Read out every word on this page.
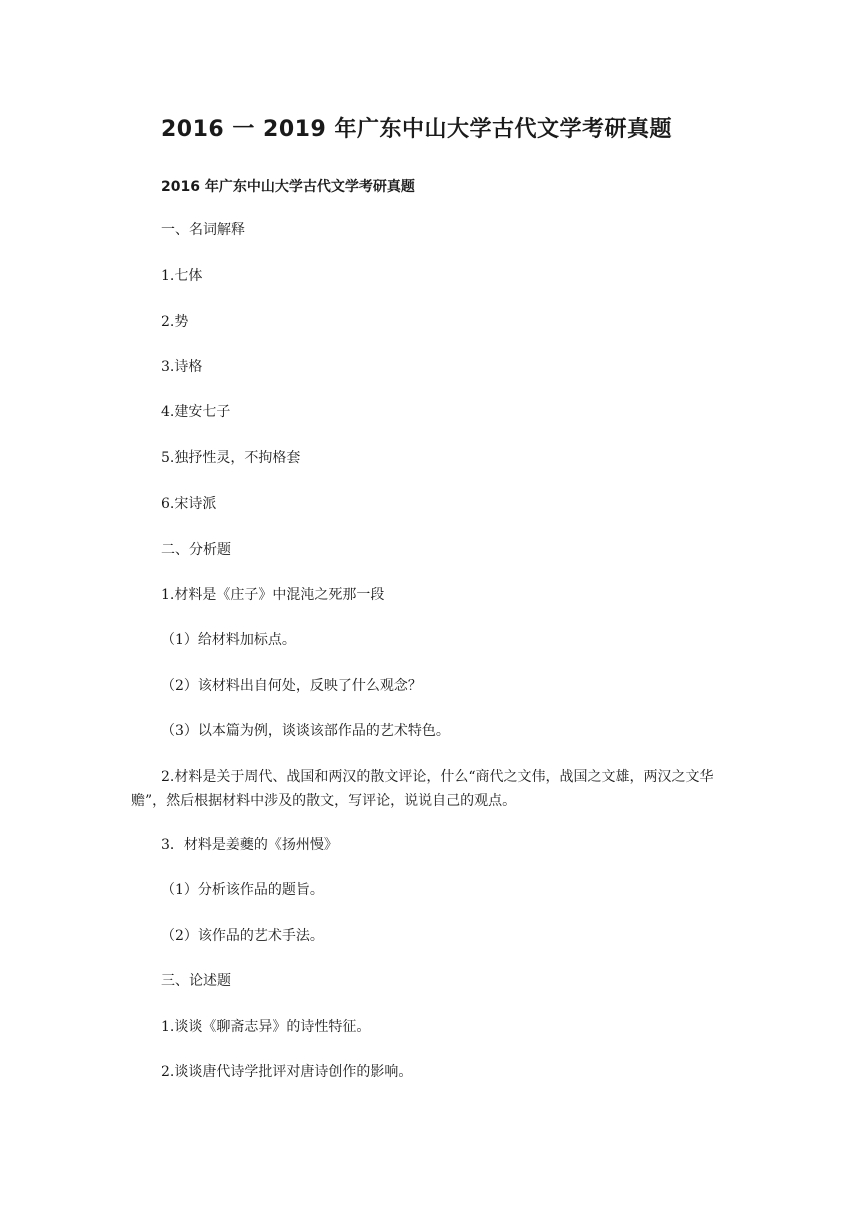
2016 一 2019 年广东中山大学古代文学考研真题
2016 年广东中山大学古代文学考研真题

一、名词解释

1.七体

2.势

3.诗格

4.建安七子

5.独抒性灵，不拘格套

6.宋诗派

二、分析题

1.材料是《庄子》中混沌之死那一段

（1）给材料加标点。

（2）该材料出自何处，反映了什么观念？

（3）以本篇为例，谈谈该部作品的艺术特色。

2.材料是关于周代、战国和两汉的散文评论，什么“商代之文伟，战国之文雄，两汉之文华赡”，然后根据材料中涉及的散文，写评论，说说自己的观点。

3．材料是姜夔的《扬州慢》

（1）分析该作品的题旨。

（2）该作品的艺术手法。

三、论述题

1.谈谈《聊斋志异》的诗性特征。

2.谈谈唐代诗学批评对唐诗创作的影响。
